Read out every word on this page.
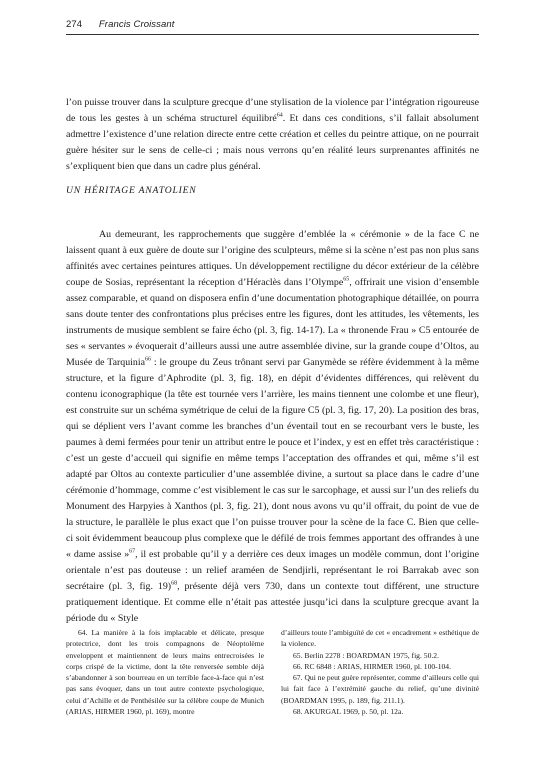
274 Francis Croissant

l’on puisse trouver dans la sculpture grecque d’une stylisation de la violence par l’intégration rigoureuse de tous les gestes à un schéma structurel équilibré$^{64}$. Et dans ces conditions, s’il fallait absolument admettre l’existence d’une relation directe entre cette création et celles du peintre attique, on ne pourrait guère hésiter sur le sens de celle-ci ; mais nous verrons qu’en réalité leurs surprenantes affinités ne s’expliquent bien que dans un cadre plus général.

UN HÉRITAGE ANATOLIEN

Au demeurant, les rapprochements que suggère d’emblée la « cérémonie » de la face C ne laissent quant à eux guère de doute sur l’origine des sculpteurs, même si la scène n’est pas non plus sans affinités avec certaines peintures attiques. Un développement rectiligne du décor extérieur de la célèbre coupe de Sosias, représentant la réception d’Héraclès dans l’Olympe$^{65}$, offrirait une vision d’ensemble assez comparable, et quand on disposera enfin d’une documentation photographique détaillée, on pourra sans doute tenter des confrontations plus précises entre les figures, dont les attitudes, les vêtements, les instruments de musique semblent se faire écho (pl. 3, fig. 14-17). La « thronende Frau » C5 entourée de ses « servantes » évoquerait d’ailleurs aussi une autre assemblée divine, sur la grande coupe d’Oltos, au Musée de Tarquinia$^{66}$ : le groupe du Zeus trônant servi par Ganymède se réfère évidemment à la même structure, et la figure d’Aphrodite (pl. 3, fig. 18), en dépit d’évidentes différences, qui relèvent du contenu iconographique (la tête est tournée vers l’arrière, les mains tiennent une colombe et une fleur), est construite sur un schéma symétrique de celui de la figure C5 (pl. 3, fig. 17, 20). La position des bras, qui se déplient vers l’avant comme les branches d’un éventail tout en se recourbant vers le buste, les paumes à demi fermées pour tenir un attribut entre le pouce et l’index, y est en effet très caractéristique : c’est un geste d’accueil qui signifie en même temps l’acceptation des offrandes et qui, même s’il est adapté par Oltos au contexte particulier d’une assemblée divine, a surtout sa place dans le cadre d’une cérémonie d’hommage, comme c’est visiblement le cas sur le sarcophage, et aussi sur l’un des reliefs du Monument des Harpyies à Xanthos (pl. 3, fig. 21), dont nous avons vu qu’il offrait, du point de vue de la structure, le parallèle le plus exact que l’on puisse trouver pour la scène de la face C. Bien que celle-ci soit évidemment beaucoup plus complexe que le défilé de trois femmes apportant des offrandes à une « dame assise »$^{67}$, il est probable qu’il y a derrière ces deux images un modèle commun, dont l’origine orientale n’est pas douteuse : un relief araméen de Sendjirli, représentant le roi Barrakab avec son secrétaire (pl. 3, fig. 19)$^{68}$, présente déjà vers 730, dans un contexte tout différent, une structure pratiquement identique. Et comme elle n’était pas attestée jusqu’ici dans la sculpture grecque avant la période du « Style

64. La manière à la fois implacable et délicate, presque protectrice, dont les trois compagnons de Néoptolème enveloppent et maintiennent de leurs mains entrecroisées le corps crispé de la victime, dont la tête renversée semble déjà s’abandonner à son bourreau en un terrible face-à-face qui n’est pas sans évoquer, dans un tout autre contexte psychologique, celui d’Achille et de Penthésilée sur la célèbre coupe de Munich (ARIAS, HIRMER 1960, pl. 169), montre

d’ailleurs toute l’ambiguïté de cet « encadrement » esthétique de la violence.

65. Berlin 2278 : BOARDMAN 1975, fig. 50.2.

66. RC 6848 : ARIAS, HIRMER 1960, pl. 100-104.

67. Qui ne peut guère représenter, comme d’ailleurs celle qui lui fait face à l’extrémité gauche du relief, qu’une divinité (BOARDMAN 1995, p. 189, fig. 211.1).

68. AKURGAL 1969, p. 50, pl. 12a.
